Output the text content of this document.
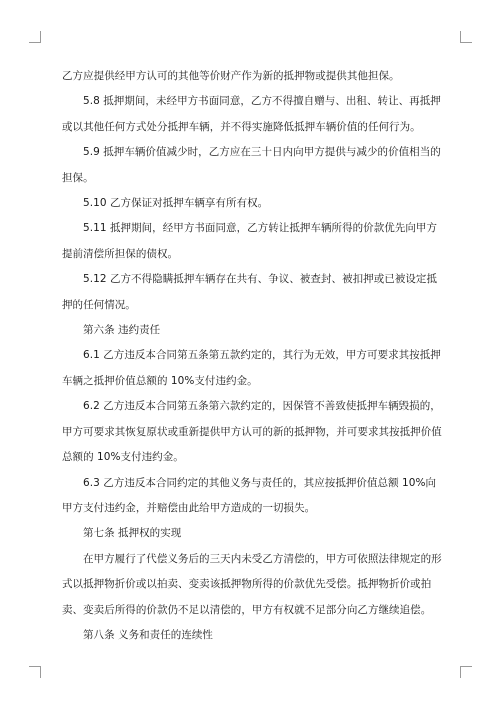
乙方应提供经甲方认可的其他等价财产作为新的抵押物或提供其他担保。

5.8 抵押期间，未经甲方书面同意，乙方不得擅自赠与、出租、转让、再抵押或以其他任何方式处分抵押车辆，并不得实施降低抵押车辆价值的任何行为。

5.9 抵押车辆价值减少时，乙方应在三十日内向甲方提供与减少的价值相当的担保。

5.10 乙方保证对抵押车辆享有所有权。

5.11 抵押期间，经甲方书面同意，乙方转让抵押车辆所得的价款优先向甲方提前清偿所担保的债权。

5.12 乙方不得隐瞒抵押车辆存在共有、争议、被查封、被扣押或已被设定抵押的任何情况。

第六条 违约责任

6.1 乙方违反本合同第五条第五款约定的，其行为无效，甲方可要求其按抵押车辆之抵押价值总额的 10%支付违约金。

6.2 乙方违反本合同第五条第六款约定的，因保管不善致使抵押车辆毁损的，甲方可要求其恢复原状或重新提供甲方认可的新的抵押物，并可要求其按抵押价值总额的 10%支付违约金。

6.3 乙方违反本合同约定的其他义务与责任的，其应按抵押价值总额 10%向甲方支付违约金，并赔偿由此给甲方造成的一切损失。

第七条 抵押权的实现

在甲方履行了代偿义务后的三天内未受乙方清偿的，甲方可依照法律规定的形式以抵押物折价或以拍卖、变卖该抵押物所得的价款优先受偿。抵押物折价或拍卖、变卖后所得的价款仍不足以清偿的，甲方有权就不足部分向乙方继续追偿。

第八条 义务和责任的连续性
